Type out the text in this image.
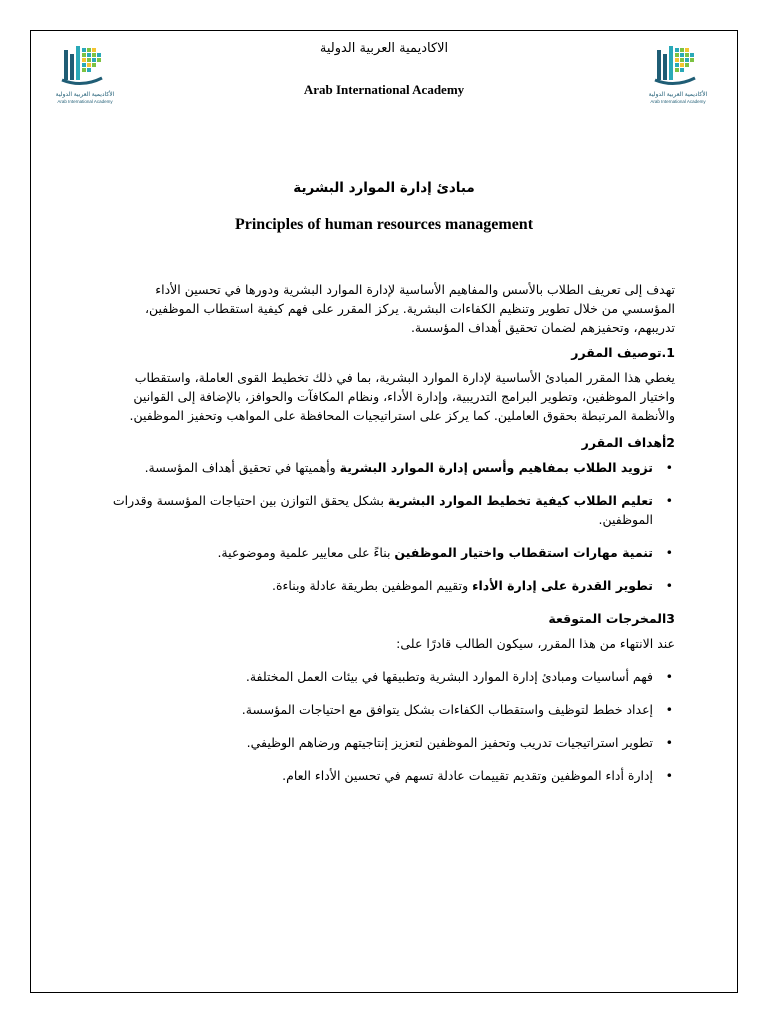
الأكاديمية العربية الدولية
Arab International Academy
الأكاديمية العربية الدولية
Arab International Academy
الاكاديمية العربية الدولية
Arab International Academy
مبادئ إدارة الموارد البشرية
Principles of human resources management

تهدف إلى تعريف الطلاب بالأسس والمفاهيم الأساسية لإدارة الموارد البشرية ودورها في تحسين الأداء المؤسسي من خلال تطوير وتنظيم الكفاءات البشرية. يركز المقرر على فهم كيفية استقطاب الموظفين، تدريبهم، وتحفيزهم لضمان تحقيق أهداف المؤسسة.

1.توصيف المقرر

يغطي هذا المقرر المبادئ الأساسية لإدارة الموارد البشرية، بما في ذلك تخطيط القوى العاملة، واستقطاب واختيار الموظفين، وتطوير البرامج التدريبية، وإدارة الأداء، ونظام المكافآت والحوافز، بالإضافة إلى القوانين والأنظمة المرتبطة بحقوق العاملين. كما يركز على استراتيجيات المحافظة على المواهب وتحفيز الموظفين.

2أهداف المقرر

•
تزويد الطلاب بمفاهيم وأسس إدارة الموارد البشرية وأهميتها في تحقيق أهداف المؤسسة.
•
تعليم الطلاب كيفية تخطيط الموارد البشرية بشكل يحقق التوازن بين احتياجات المؤسسة وقدرات الموظفين.
•
تنمية مهارات استقطاب واختيار الموظفين بناءً على معايير علمية وموضوعية.
•
تطوير القدرة على إدارة الأداء وتقييم الموظفين بطريقة عادلة وبناءة.

3المخرجات المتوقعة

عند الانتهاء من هذا المقرر، سيكون الطالب قادرًا على:

•
فهم أساسيات ومبادئ إدارة الموارد البشرية وتطبيقها في بيئات العمل المختلفة.
•
إعداد خطط لتوظيف واستقطاب الكفاءات بشكل يتوافق مع احتياجات المؤسسة.
•
تطوير استراتيجيات تدريب وتحفيز الموظفين لتعزيز إنتاجيتهم ورضاهم الوظيفي.
•
إدارة أداء الموظفين وتقديم تقييمات عادلة تسهم في تحسين الأداء العام.
